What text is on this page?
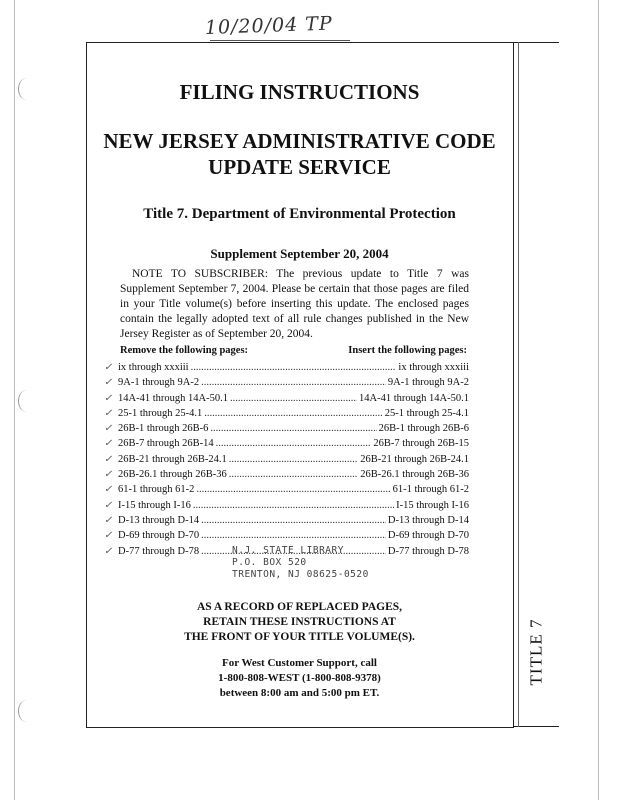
10/20/04 TP
TITLE 7
FILING INSTRUCTIONS
NEW JERSEY ADMINISTRATIVE CODE
UPDATE SERVICE
Title 7. Department of Environmental Protection
Supplement September 20, 2004
NOTE TO SUBSCRIBER: The previous update to Title 7 was Supplement September 7, 2004. Please be certain that those pages are filed in your Title volume(s) before inserting this update. The enclosed pages contain the legally adopted text of all rule changes published in the New Jersey Register as of September 20, 2004.
Remove the following pages:	Insert the following pages:
✓ ix through xxxiii .....	ix through xxxiii
✓ 9A-1 through 9A-2 .....	9A-1 through 9A-2
✓ 14A-41 through 14A-50.1 .....	14A-41 through 14A-50.1
✓ 25-1 through 25-4.1 .....	25-1 through 25-4.1
✓ 26B-1 through 26B-6 .....	26B-1 through 26B-6
✓ 26B-7 through 26B-14 .....	26B-7 through 26B-15
✓ 26B-21 through 26B-24.1 .....	26B-21 through 26B-24.1
✓ 26B-26.1 through 26B-36 .....	26B-26.1 through 26B-36
✓ 61-1 through 61-2 .....	61-1 through 61-2
✓ I-15 through I-16 .....	I-15 through I-16
✓ D-13 through D-14 .....	D-13 through D-14
✓ D-69 through D-70 .....	D-69 through D-70
✓ D-77 through D-78 .....	D-77 through D-78
N.J. STATE LIBRARY
P.O. BOX 520
TRENTON, NJ 08625-0520
AS A RECORD OF REPLACED PAGES,
RETAIN THESE INSTRUCTIONS AT
THE FRONT OF YOUR TITLE VOLUME(S).
For West Customer Support, call
1-800-808-WEST (1-800-808-9378)
between 8:00 am and 5:00 pm ET.
